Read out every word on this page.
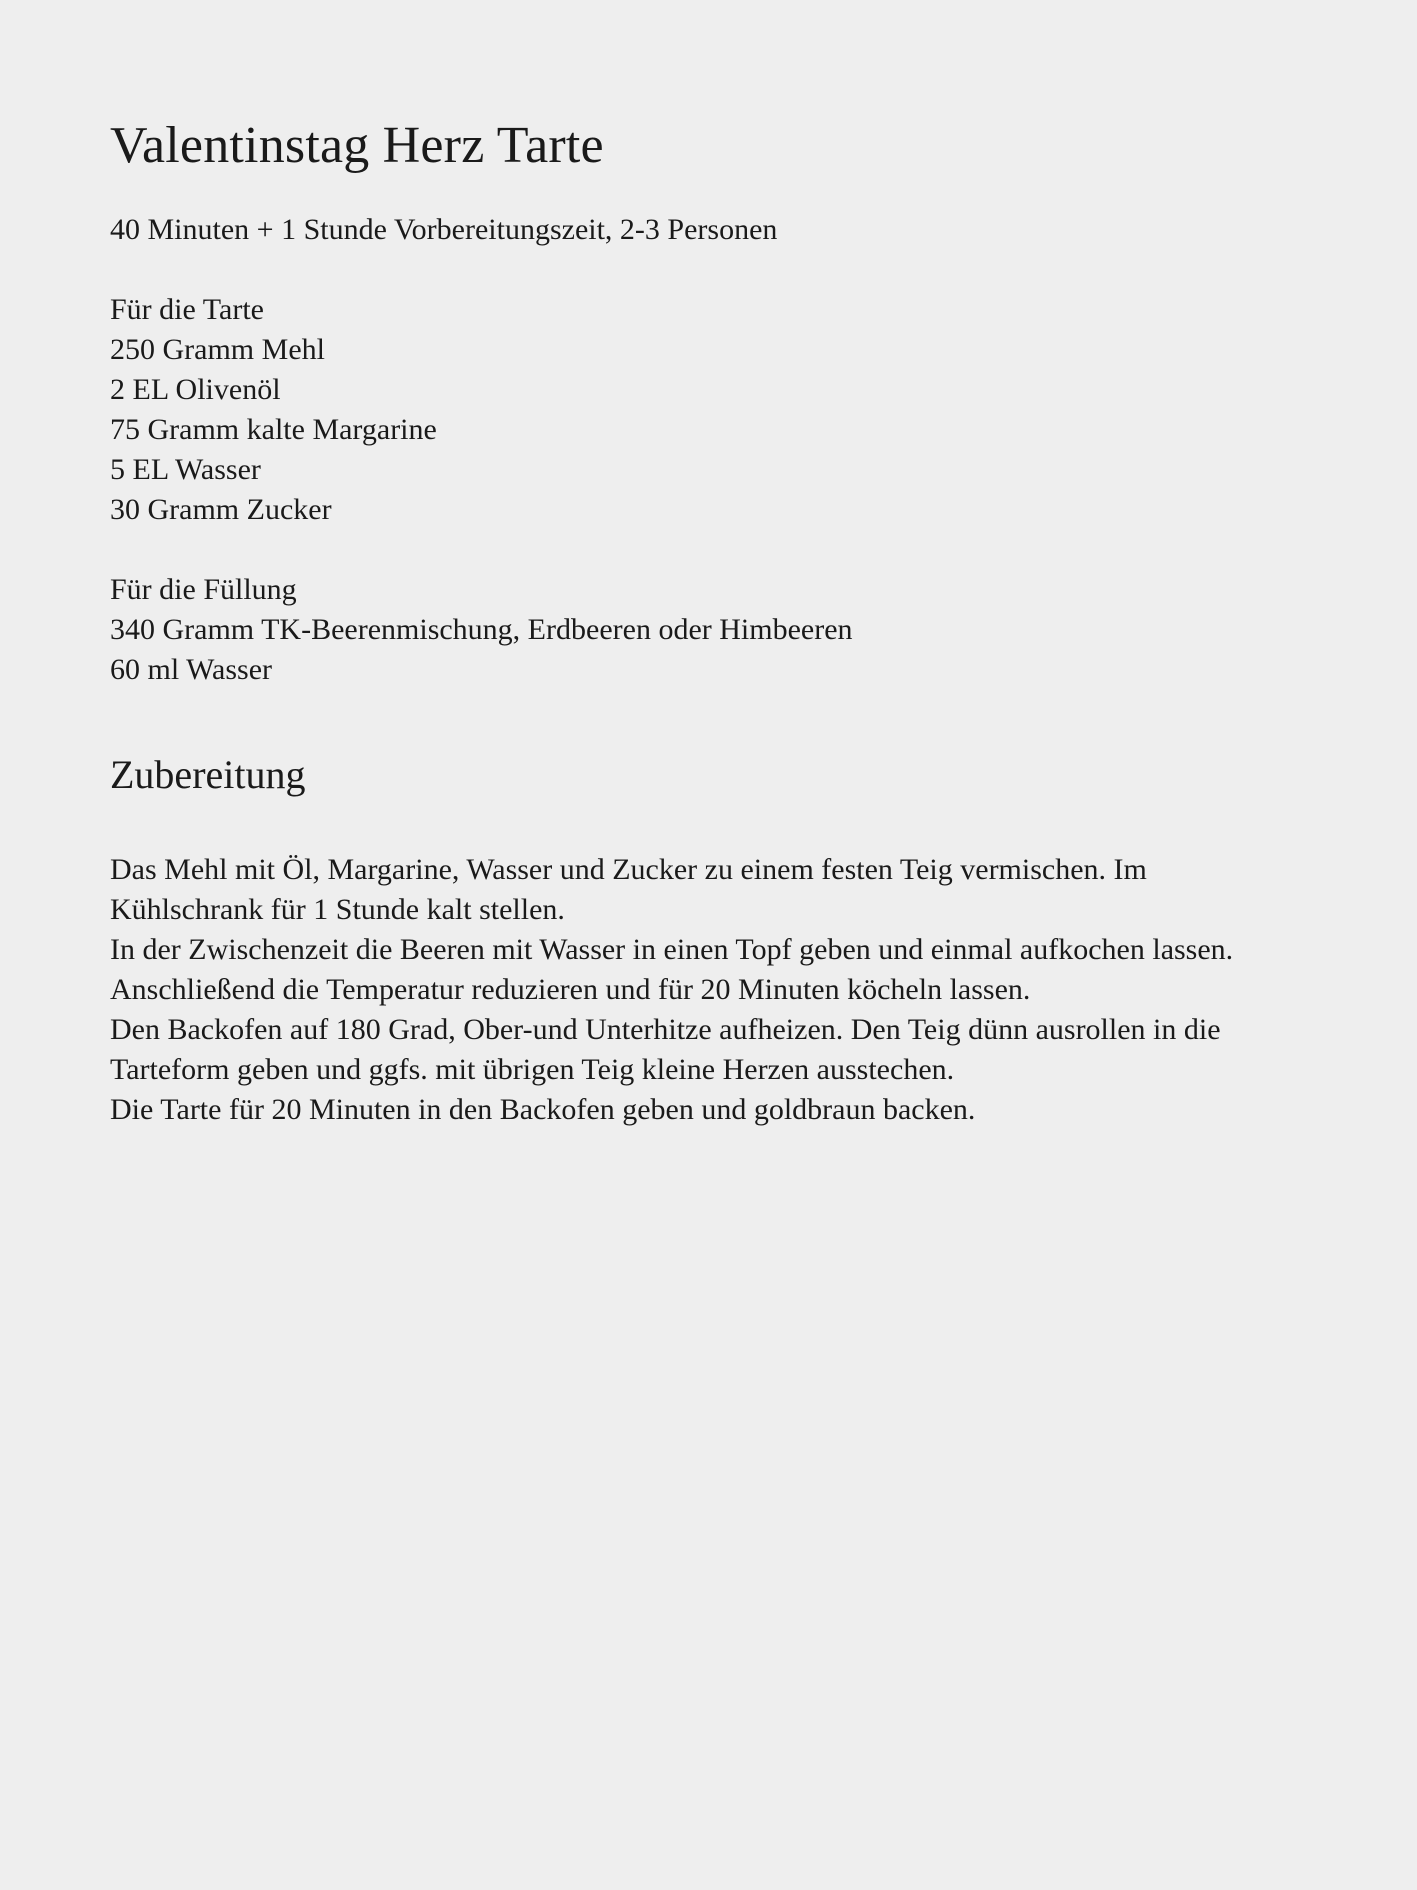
Valentinstag Herz Tarte

40 Minuten + 1 Stunde Vorbereitungszeit, 2-3 Personen

Für die Tarte
250 Gramm Mehl
2 EL Olivenöl
75 Gramm kalte Margarine
5 EL Wasser
30 Gramm Zucker
Für die Füllung
340 Gramm TK-Beerenmischung, Erdbeeren oder Himbeeren
60 ml Wasser
Zubereitung

Das Mehl mit Öl, Margarine, Wasser und Zucker zu einem festen Teig vermischen. Im Kühlschrank für 1 Stunde kalt stellen.

In der Zwischenzeit die Beeren mit Wasser in einen Topf geben und einmal aufkochen lassen. Anschließend die Temperatur reduzieren und für 20 Minuten köcheln lassen.

Den Backofen auf 180 Grad, Ober-und Unterhitze aufheizen. Den Teig dünn ausrollen in die Tarteform geben und ggfs. mit übrigen Teig kleine Herzen ausstechen.

Die Tarte für 20 Minuten in den Backofen geben und goldbraun backen.
